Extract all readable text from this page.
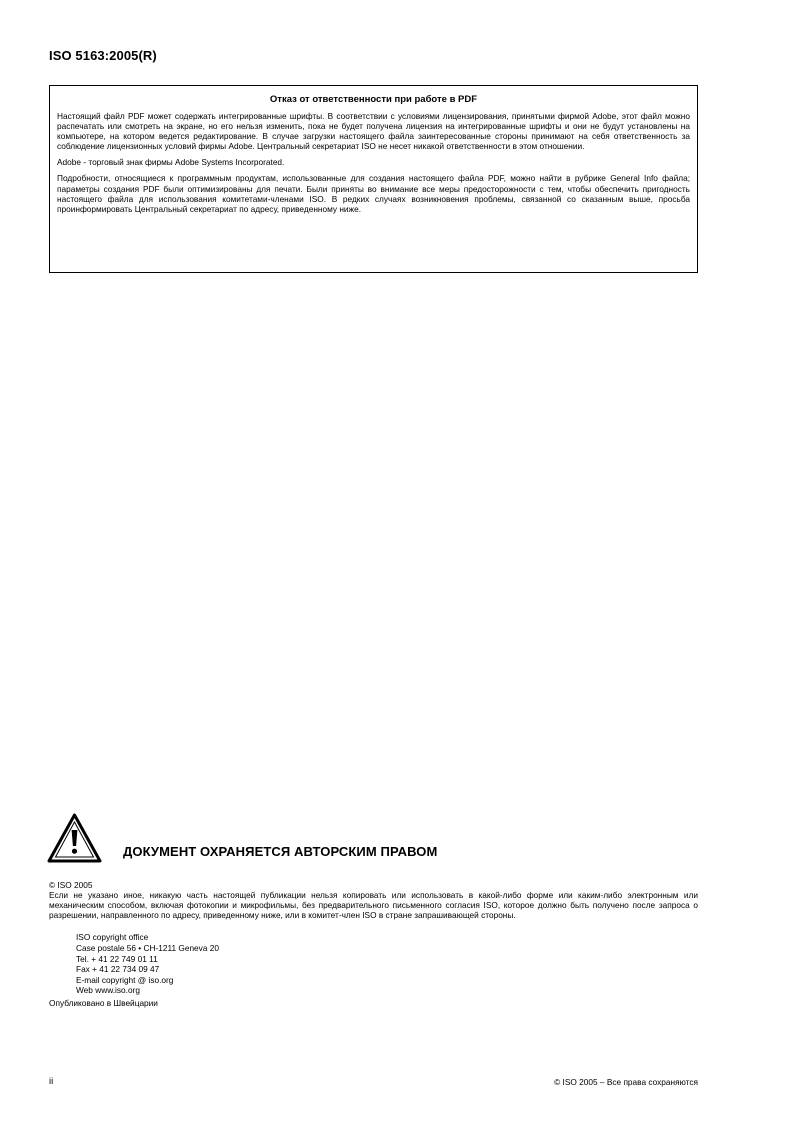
ISO 5163:2005(R)
Отказ от ответственности при работе в PDF

Настоящий файл PDF может содержать интегрированные шрифты. В соответствии с условиями лицензирования, принятыми фирмой Adobe, этот файл можно распечатать или смотреть на экране, но его нельзя изменить, пока не будет получена лицензия на интегрированные шрифты и они не будут установлены на компьютере, на котором ведется редактирование. В случае загрузки настоящего файла заинтересованные стороны принимают на себя ответственность за соблюдение лицензионных условий фирмы Adobe. Центральный секретариат ISO не несет никакой ответственности в этом отношении.

Adobe - торговый знак фирмы Adobe Systems Incorporated.

Подробности, относящиеся к программным продуктам, использованные для создания настоящего файла PDF, можно найти в рубрике General Info файла; параметры создания PDF были оптимизированы для печати. Были приняты во внимание все меры предосторожности с тем, чтобы обеспечить пригодность настоящего файла для использования комитетами-членами ISO. В редких случаях возникновения проблемы, связанной со сказанным выше, просьба проинформировать Центральный секретариат по адресу, приведенному ниже.

ДОКУМЕНТ ОХРАНЯЕТСЯ АВТОРСКИМ ПРАВОМ
© ISO 2005
Если не указано иное, никакую часть настоящей публикации нельзя копировать или использовать в какой-либо форме или каким-либо электронным или механическим способом, включая фотокопии и микрофильмы, без предварительного письменного согласия ISO, которое должно быть получено после запроса о разрешении, направленного по адресу, приведенному ниже, или в комитет-член ISO в стране запрашивающей стороны.
ISO copyright office
Case postale 56 • CH-1211 Geneva 20
Tel. + 41 22 749 01 11
Fax + 41 22 734 09 47
E-mail copyright @ iso.org
Web www.iso.org
Опубликовано в Швейцарии
ii	© ISO 2005 – Все права сохраняются
